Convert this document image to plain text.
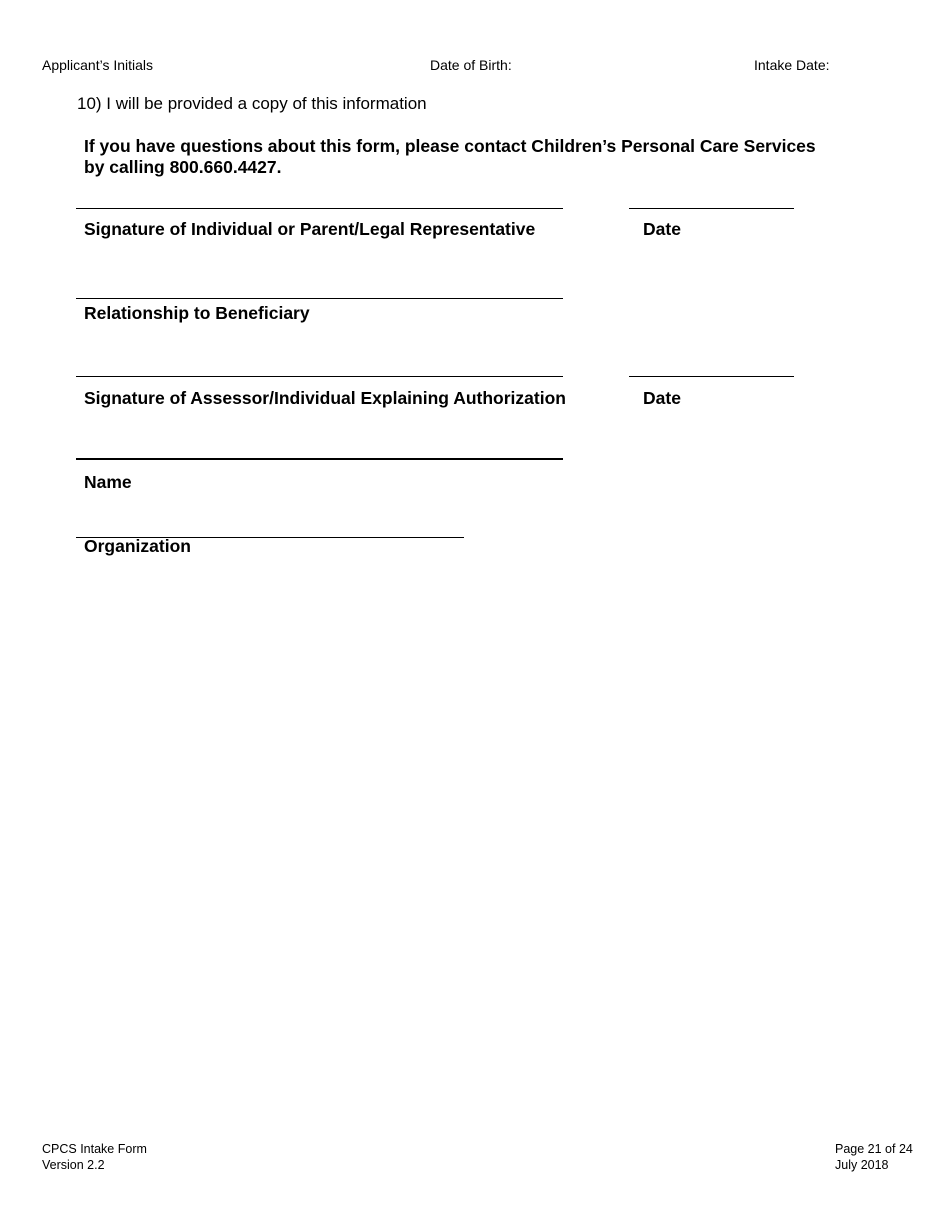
Applicant’s Initials	Date of Birth:	Intake Date:
10) I will be provided a copy of this information
If you have questions about this form, please contact Children’s Personal Care Services by calling 800.660.4427.
Signature of Individual or Parent/Legal Representative	Date
Relationship to Beneficiary
Signature of Assessor/Individual Explaining Authorization	Date
Name
Organization
CPCS Intake Form
Version 2.2
Page 21 of 24
July 2018
